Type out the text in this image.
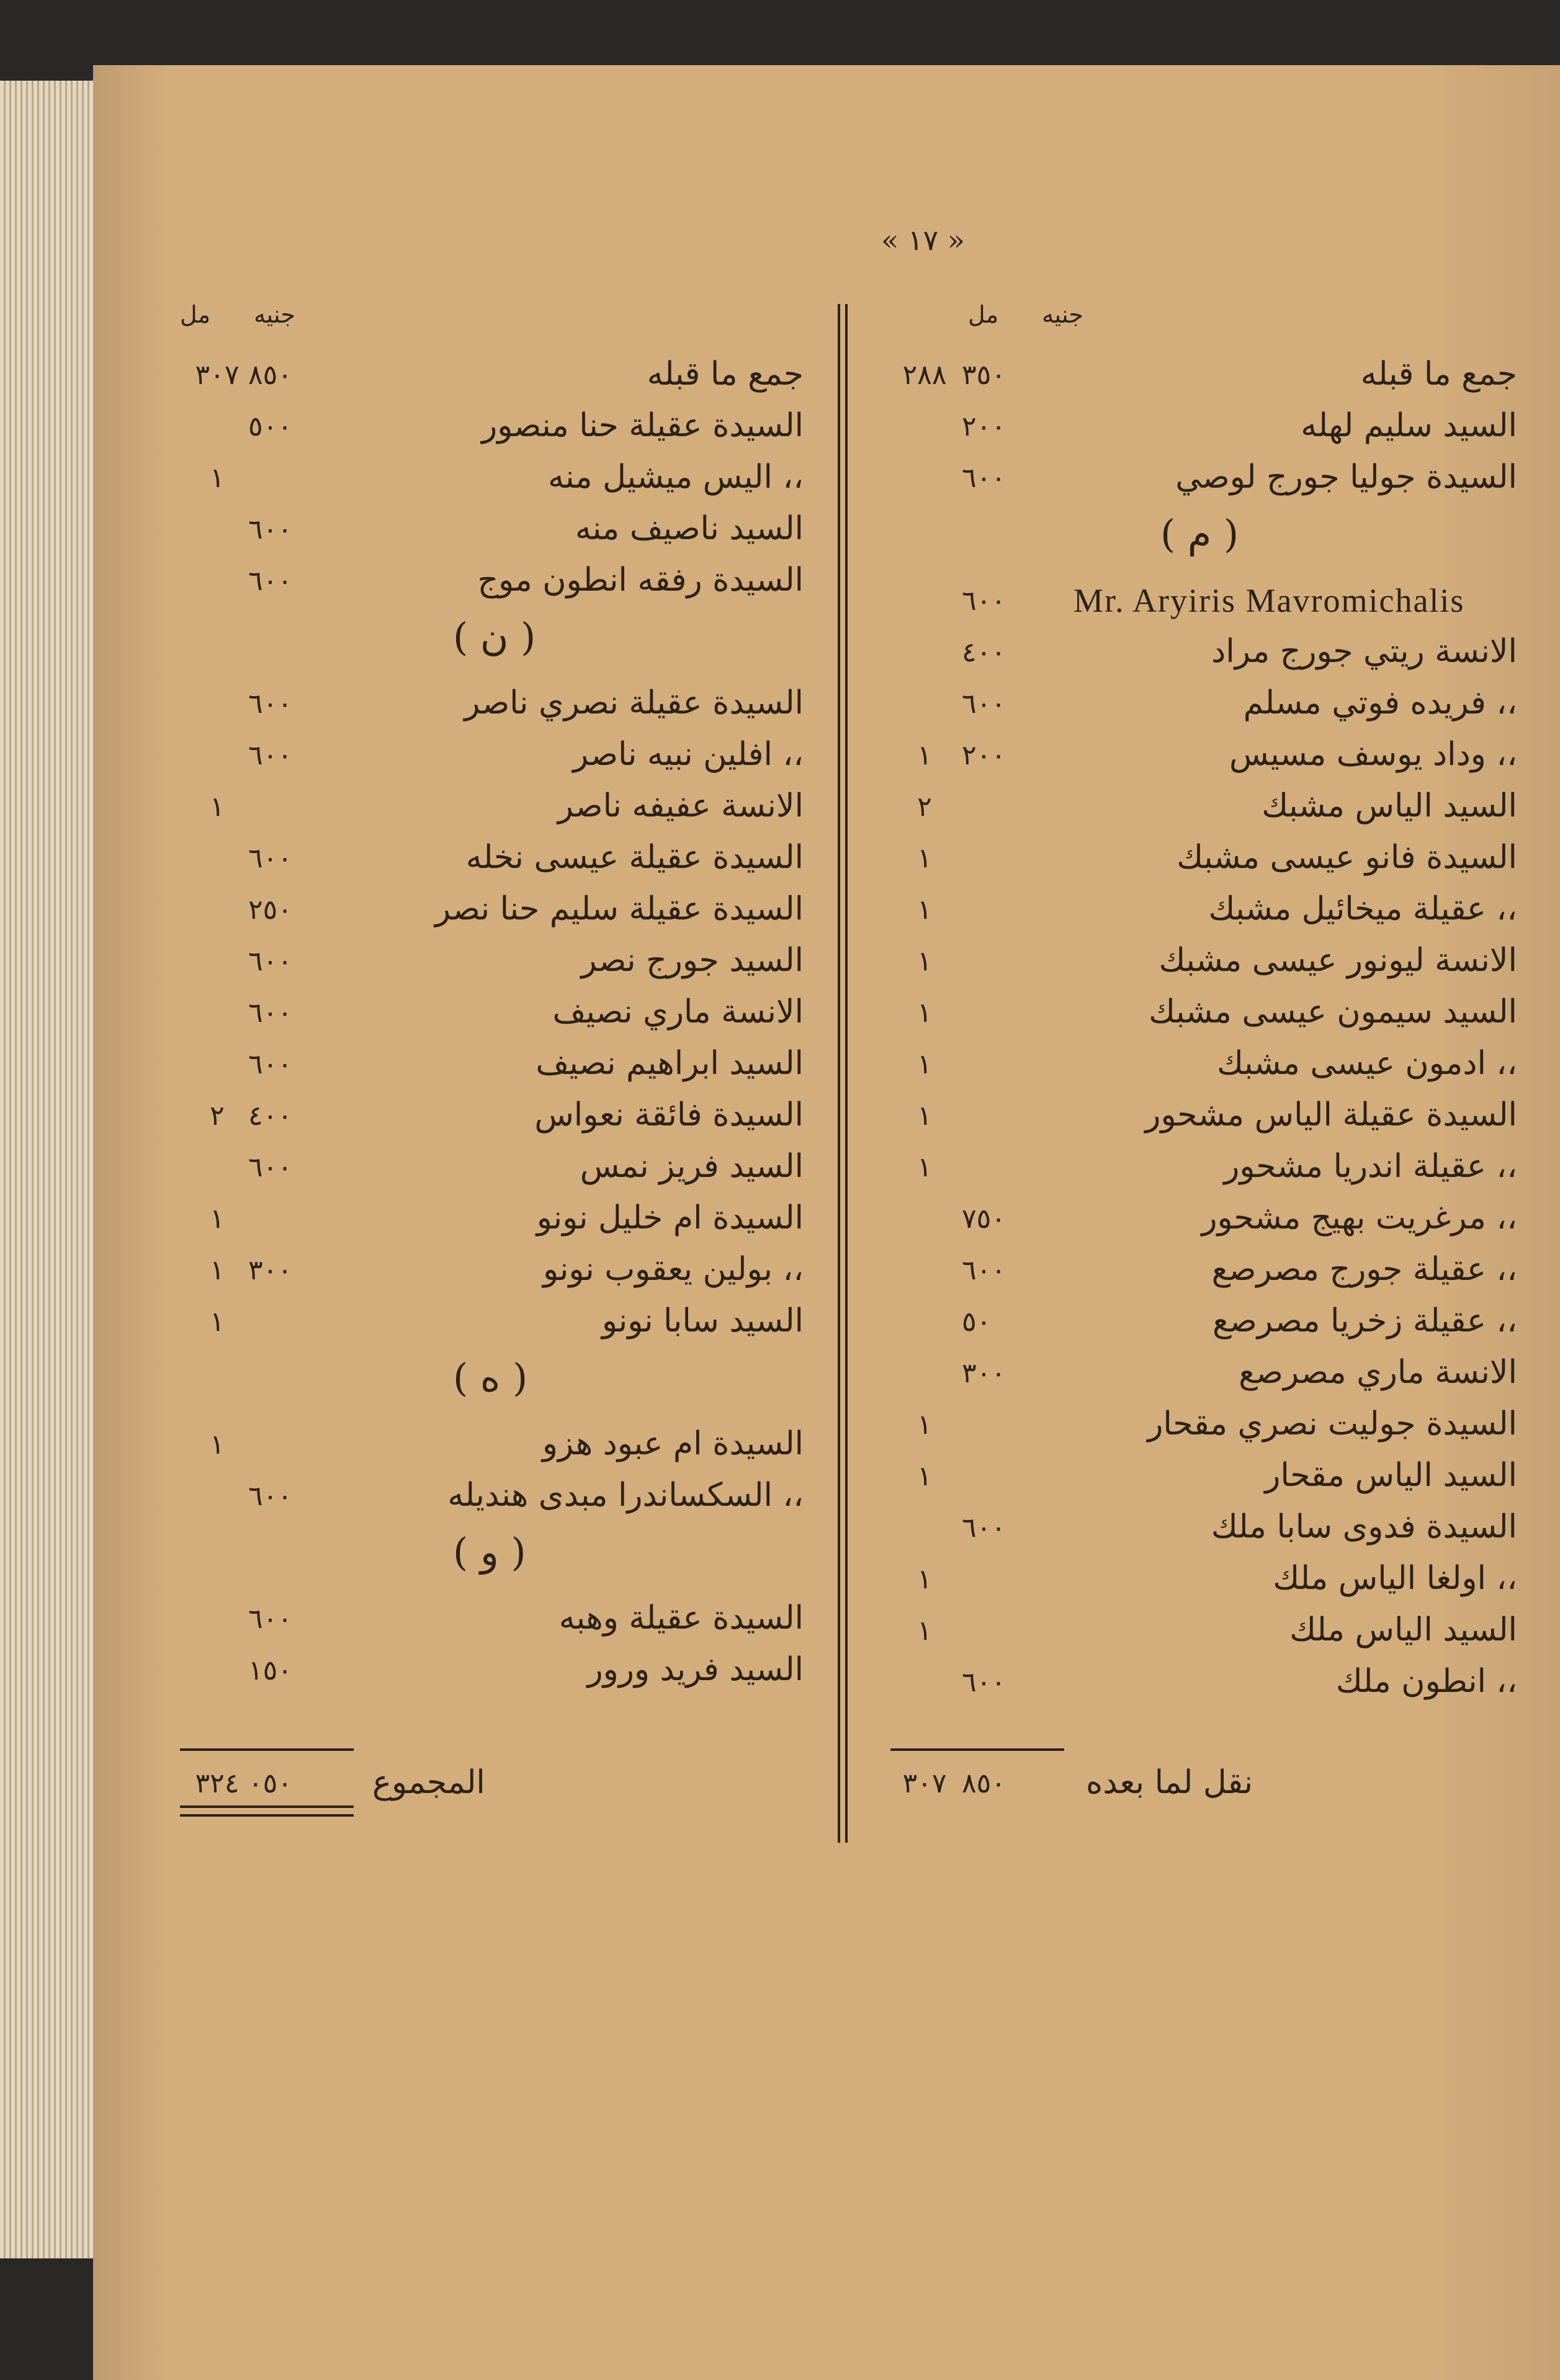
« ١٧ »
جنيه
مل
جنيه
مل
جمع ما قبله
٣٥٠
٢٨٨
السيد سليم لهله
٢٠٠
السيدة جوليا جورج لوصي
٦٠٠
( م )
Mr. Aryiris Mavromichalis
٦٠٠
الانسة ريتي جورج مراد
٤٠٠
،، فريده فوتي مسلم
٦٠٠
،، وداد يوسف مسيس
٢٠٠
١
السيد الياس مشبك
٢
السيدة فانو عيسى مشبك
١
،، عقيلة ميخائيل مشبك
١
الانسة ليونور عيسى مشبك
١
السيد سيمون عيسى مشبك
١
،، ادمون عيسى مشبك
١
السيدة عقيلة الياس مشحور
١
،، عقيلة اندريا مشحور
١
،، مرغريت بهيج مشحور
٧٥٠
،، عقيلة جورج مصرصع
٦٠٠
،، عقيلة زخريا مصرصع
٥٠
الانسة ماري مصرصع
٣٠٠
السيدة جوليت نصري مقحار
١
السيد الياس مقحار
١
السيدة فدوى سابا ملك
٦٠٠
،، اولغا الياس ملك
١
السيد الياس ملك
١
،، انطون ملك
٦٠٠
نقل لما بعده
٨٥٠
٣٠٧
جمع ما قبله
٨٥٠
٣٠٧
السيدة عقيلة حنا منصور
٥٠٠
،، اليس ميشيل منه
١
السيد ناصيف منه
٦٠٠
السيدة رفقه انطون موج
٦٠٠
( ن )
السيدة عقيلة نصري ناصر
٦٠٠
،، افلين نبيه ناصر
٦٠٠
الانسة عفيفه ناصر
١
السيدة عقيلة عيسى نخله
٦٠٠
السيدة عقيلة سليم حنا نصر
٢٥٠
السيد جورج نصر
٦٠٠
الانسة ماري نصيف
٦٠٠
السيد ابراهيم نصيف
٦٠٠
السيدة فائقة نعواس
٤٠٠
٢
السيد فريز نمس
٦٠٠
السيدة ام خليل نونو
١
،، بولين يعقوب نونو
٣٠٠
١
السيد سابا نونو
١
( ه )
السيدة ام عبود هزو
١
،، السكساندرا مبدى هنديله
٦٠٠
( و )
السيدة عقيلة وهبه
٦٠٠
السيد فريد ورور
١٥٠
المجموع
٠٥٠
٣٢٤
